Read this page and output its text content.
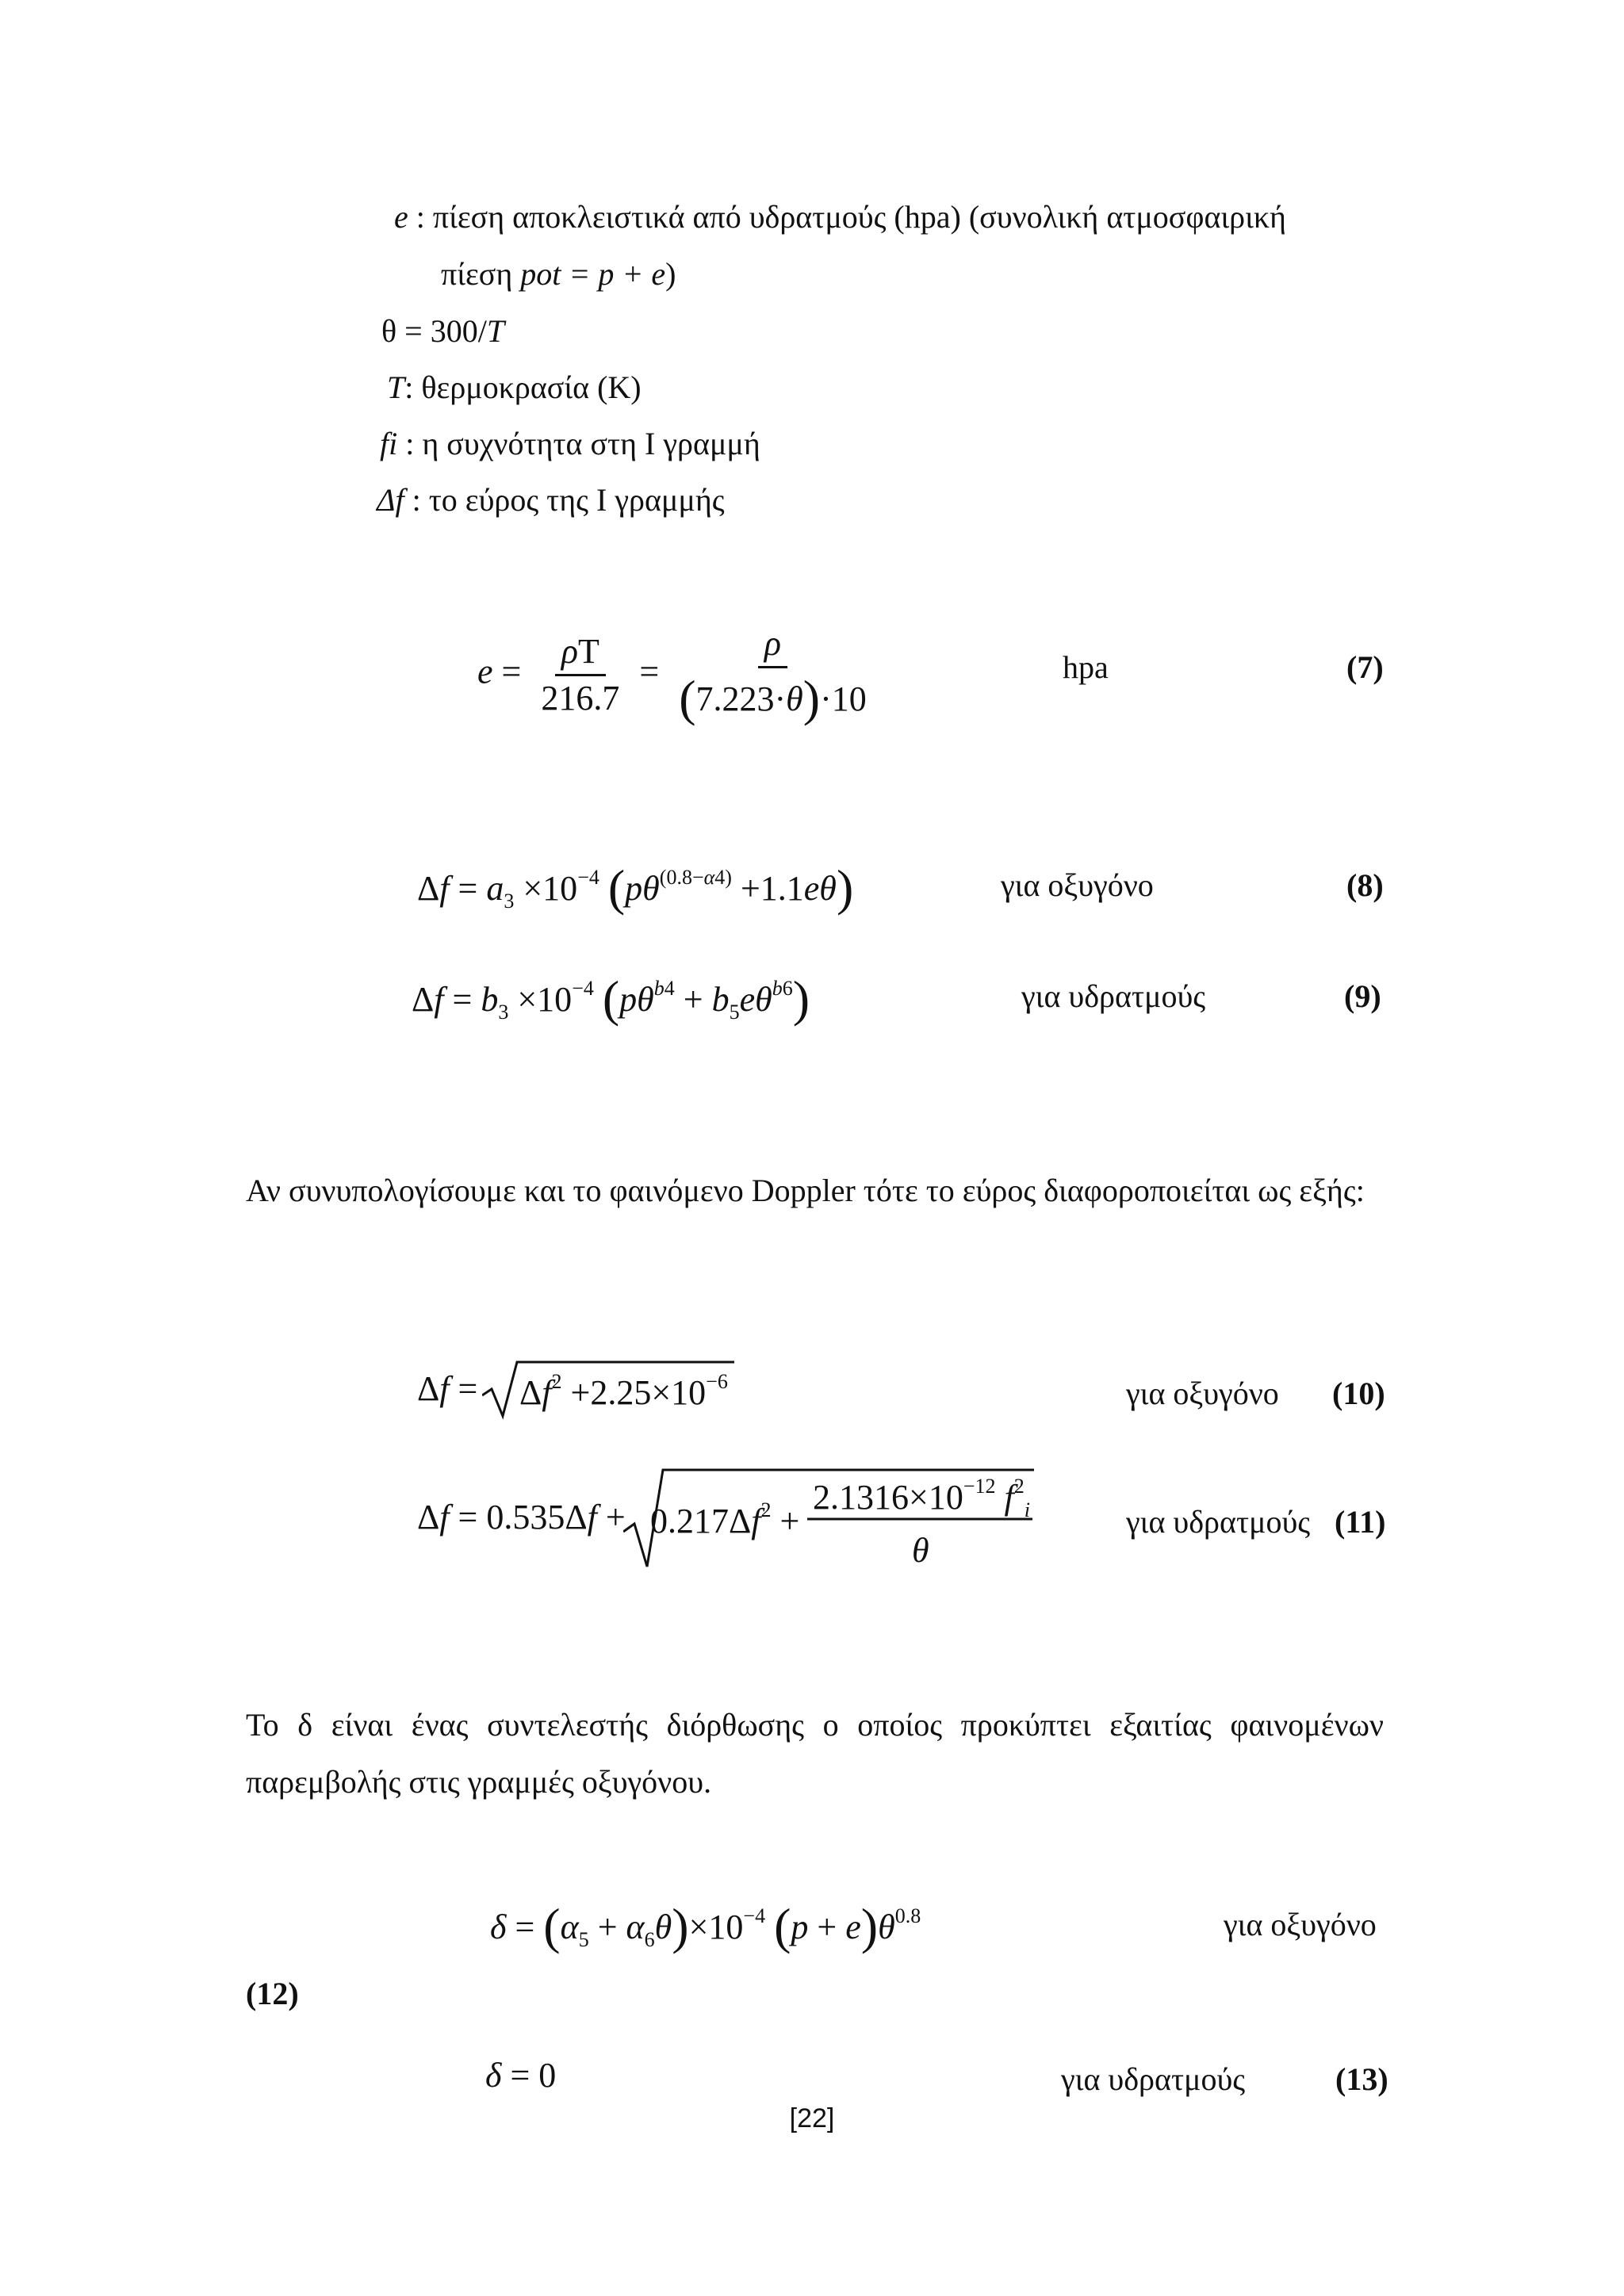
e : πίεση αποκλειστικά από υδρατμούς (hpa) (συνολική ατμοσφαιρική
πίεση pot = p + e)
θ = 300/T
T: θερμοκρασία (K)
fi : η συχνότητα στη Ι γραμμή
Δf : το εύρος της Ι γραμμής
$e = \frac{\rho T}{216.7} = \frac{\rho}{(7.223\cdot\theta)\cdot 10}$	hpa	(7)
$\Delta f = a_3 \times 10^{-4}$ $(p\theta^{(0.8-\alpha 4)} +1.1e\theta)$	για οξυγόνο	(8)
$\Delta f = b_3 \times 10^{-4}$ $(p\theta^{b4} + b_5e\theta^{b6})$	για υδρατμούς	(9)
Αν συνυπολογίσουμε και το φαινόμενο Doppler τότε το εύρος διαφοροποιείται ως εξής:
$\Delta f = \Delta f^2 +2.25\times 10^{-6}$	για οξυγόνο (10)
$\Delta f = 0.535\Delta f + 0.217\Delta f^2$ +
$2.1316\times 10^{-12}$ $f^2_i$
θ
για υδρατμούς (11)
Το δ είναι ένας συντελεστής διόρθωσης ο οποίος προκύπτει εξαιτίας φαινομένων παρεμβολής στις γραμμές οξυγόνου.
$\delta = (\alpha_5 + \alpha_6\theta)\times 10^{-4}$ $(p + e)\theta^{0.8}$	για οξυγόνο
(12)
δ = 0	για υδρατμούς	(13)
[22]
